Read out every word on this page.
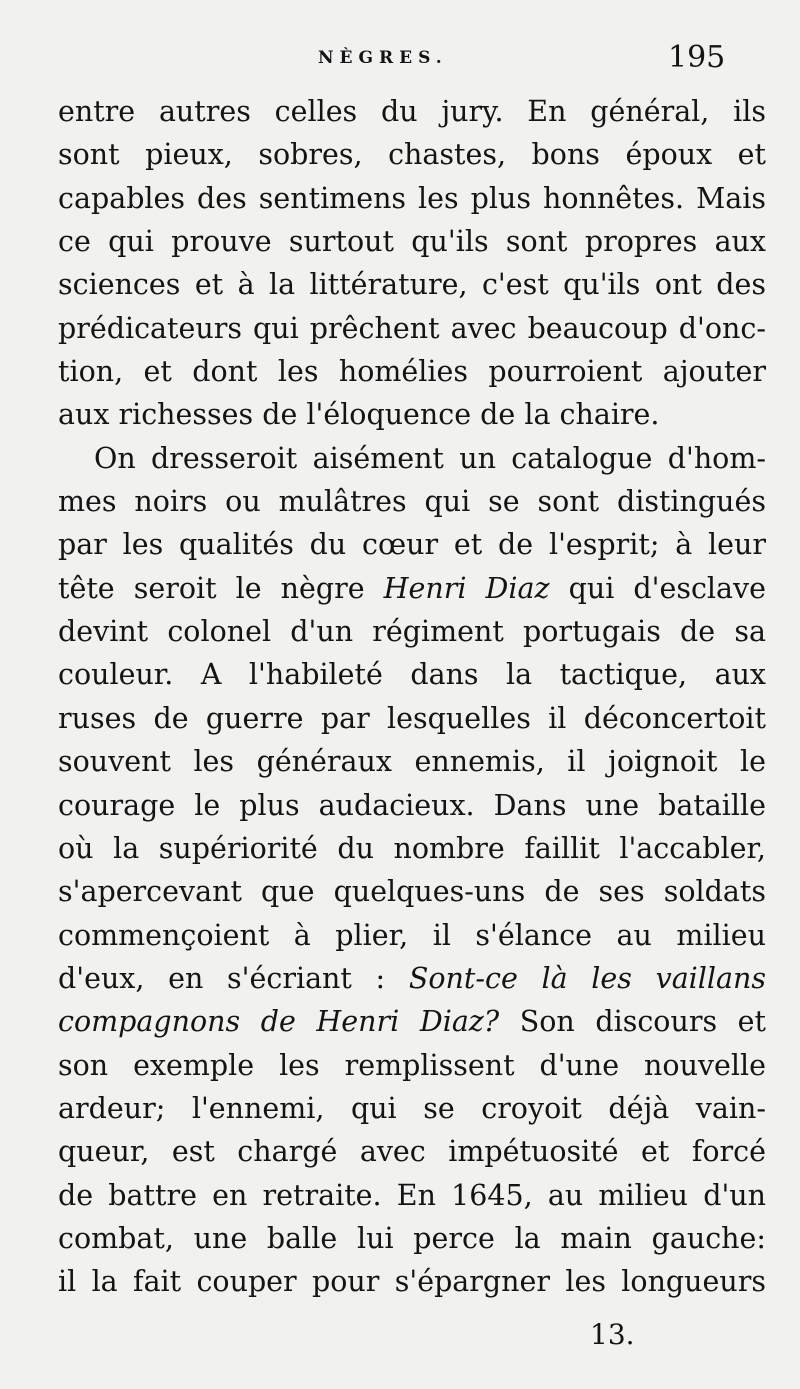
NÈGRES.	195
entre autres celles du jury. En général, ils
sont pieux, sobres, chastes, bons époux et
capables des sentimens les plus honnêtes. Mais
ce qui prouve surtout qu'ils sont propres aux
sciences et à la littérature, c'est qu'ils ont des
prédicateurs qui prêchent avec beaucoup d'onc-
tion, et dont les homélies pourroient ajouter
aux richesses de l'éloquence de la chaire.
On dresseroit aisément un catalogue d'hom-
mes noirs ou mulâtres qui se sont distingués
par les qualités du cœur et de l'esprit; à leur
tête seroit le nègre Henri Diaz qui d'esclave
devint colonel d'un régiment portugais de sa
couleur. A l'habileté dans la tactique, aux
ruses de guerre par lesquelles il déconcertoit
souvent les généraux ennemis, il joignoit le
courage le plus audacieux. Dans une bataille
où la supériorité du nombre faillit l'accabler,
s'apercevant que quelques-uns de ses soldats
commençoient à plier, il s'élance au milieu
d'eux, en s'écriant : Sont-ce là les vaillans
compagnons de Henri Diaz? Son discours et
son exemple les remplissent d'une nouvelle
ardeur; l'ennemi, qui se croyoit déjà vain-
queur, est chargé avec impétuosité et forcé
de battre en retraite. En 1645, au milieu d'un
combat, une balle lui perce la main gauche:
il la fait couper pour s'épargner les longueurs
13.
